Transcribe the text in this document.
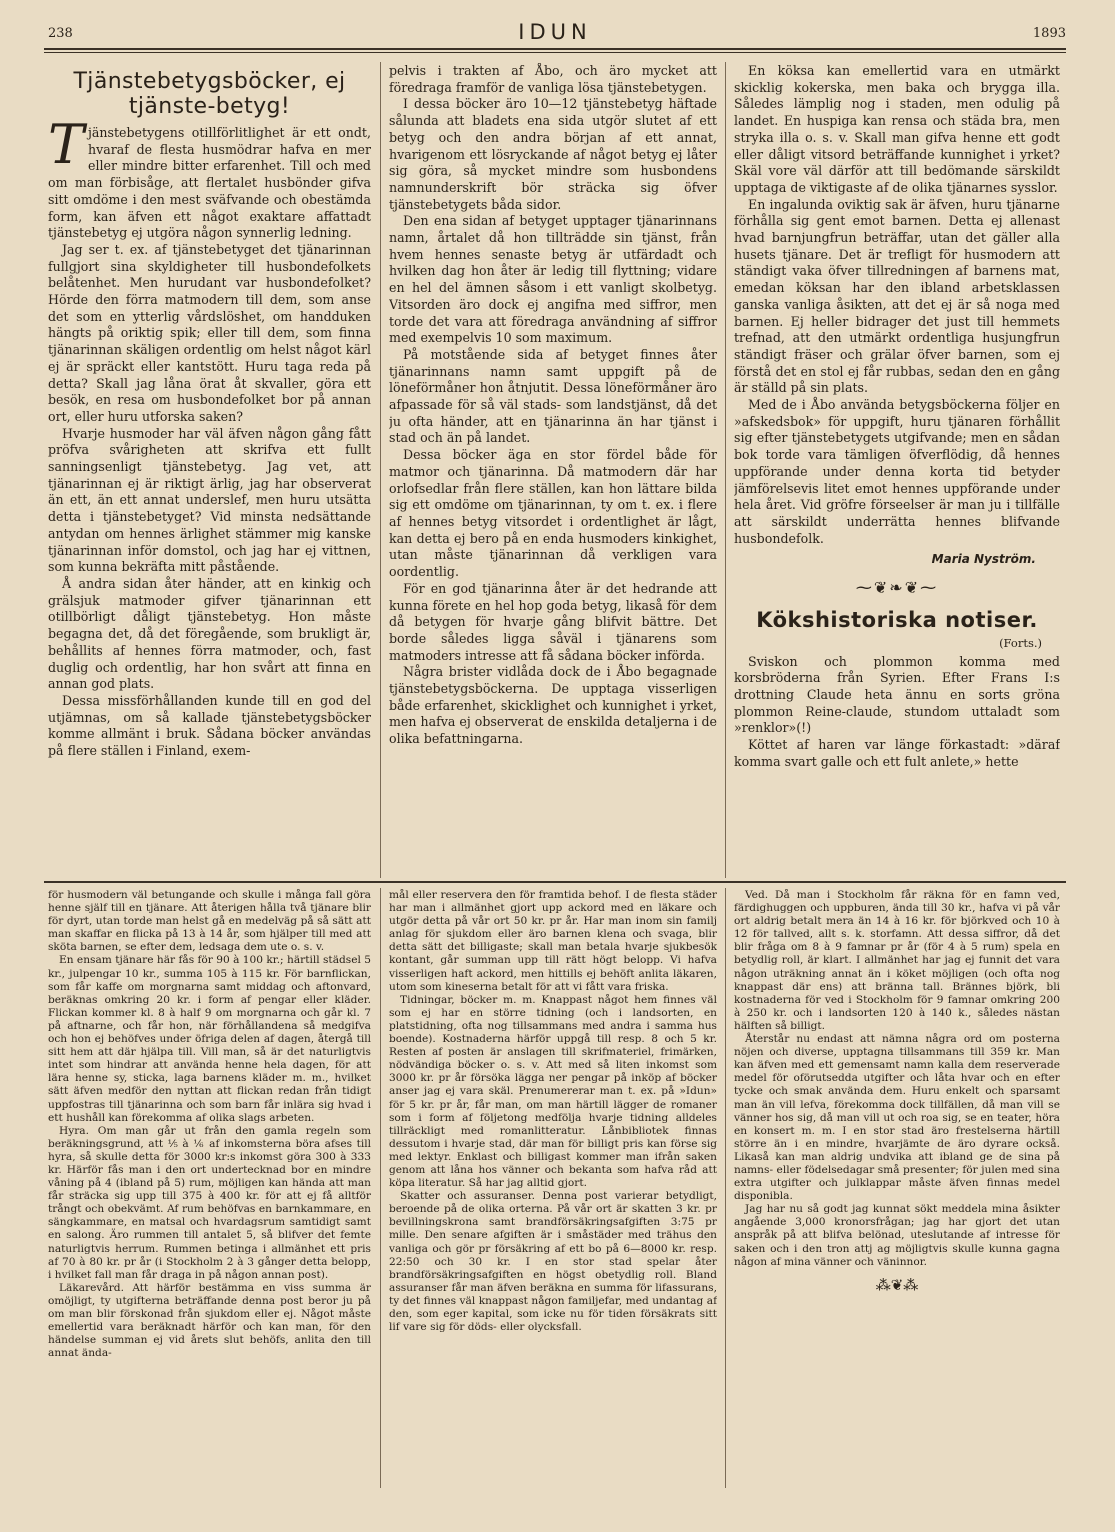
238	IDUN	1893
Tjänstebetygsböcker, ej tjänste-betyg!

T jänstebetygens otillförlitlighet är ett ondt, hvaraf de flesta husmödrar hafva en mer eller mindre bitter erfarenhet. Till och med om man förbisåge, att flertalet husbönder gifva sitt omdöme i den mest sväfvande och obestämda form, kan äfven ett något exaktare affattadt tjänstebetyg ej utgöra någon synnerlig ledning.

Jag ser t. ex. af tjänstebetyget det tjänarinnan fullgjort sina skyldigheter till husbondefolkets belåtenhet. Men hurudant var husbondefolket? Hörde den förra matmodern till dem, som anse det som en ytterlig vårdslöshet, om handduken hängts på oriktig spik; eller till dem, som finna tjänarinnan skäligen ordentlig om helst något kärl ej är spräckt eller kantstött. Huru taga reda på detta? Skall jag låna örat åt skvaller, göra ett besök, en resa om husbondefolket bor på annan ort, eller huru utforska saken?

Hvarje husmoder har väl äfven någon gång fått pröfva svårigheten att skrifva ett fullt sanningsenligt tjänstebetyg. Jag vet, att tjänarinnan ej är riktigt ärlig, jag har observerat än ett, än ett annat underslef, men huru utsätta detta i tjänstebetyget? Vid minsta nedsättande antydan om hennes ärlighet stämmer mig kanske tjänarinnan inför domstol, och jag har ej vittnen, som kunna bekräfta mitt påstående.

Å andra sidan åter händer, att en kinkig och grälsjuk matmoder gifver tjänarinnan ett otillbörligt dåligt tjänstebetyg. Hon måste begagna det, då det föregående, som brukligt är, behållits af hennes förra matmoder, och, fast duglig och ordentlig, har hon svårt att finna en annan god plats.

Dessa missförhållanden kunde till en god del utjämnas, om så kallade tjänstebetygsböcker komme allmänt i bruk. Sådana böcker användas på flere ställen i Finland, exem-

pelvis i trakten af Åbo, och äro mycket att föredraga framför de vanliga lösa tjänstebetygen.

I dessa böcker äro 10—12 tjänstebetyg häftade sålunda att bladets ena sida utgör slutet af ett betyg och den andra början af ett annat, hvarigenom ett lösryckande af något betyg ej låter sig göra, så mycket mindre som husbondens namnunderskrift bör sträcka sig öfver tjänstebetygets båda sidor.

Den ena sidan af betyget upptager tjänarinnans namn, årtalet då hon tillträdde sin tjänst, från hvem hennes senaste betyg är utfärdadt och hvilken dag hon åter är ledig till flyttning; vidare en hel del ämnen såsom i ett vanligt skolbetyg. Vitsorden äro dock ej angifna med siffror, men torde det vara att föredraga användning af siffror med exempelvis 10 som maximum.

På motstående sida af betyget finnes åter tjänarinnans namn samt uppgift på de löneförmåner hon åtnjutit. Dessa löneförmåner äro afpassade för så väl stads- som landstjänst, då det ju ofta händer, att en tjänarinna än har tjänst i stad och än på landet.

Dessa böcker äga en stor fördel både för matmor och tjänarinna. Då matmodern där har orlofsedlar från flere ställen, kan hon lättare bilda sig ett omdöme om tjänarinnan, ty om t. ex. i flere af hennes betyg vitsordet i ordentlighet är lågt, kan detta ej bero på en enda husmoders kinkighet, utan måste tjänarinnan då verkligen vara oordentlig.

För en god tjänarinna åter är det hedrande att kunna förete en hel hop goda betyg, likaså för dem då betygen för hvarje gång blifvit bättre. Det borde således ligga såväl i tjänarens som matmoders intresse att få sådana böcker införda.

Några brister vidlåda dock de i Åbo begagnade tjänstebetygsböckerna. De upptaga visserligen både erfarenhet, skicklighet och kunnighet i yrket, men hafva ej observerat de enskilda detaljerna i de olika befattningarna.

En köksa kan emellertid vara en utmärkt skicklig kokerska, men baka och brygga illa. Således lämplig nog i staden, men odulig på landet. En huspiga kan rensa och städa bra, men stryka illa o. s. v. Skall man gifva henne ett godt eller dåligt vitsord beträffande kunnighet i yrket? Skäl vore väl därför att till bedömande särskildt upptaga de viktigaste af de olika tjänarnes sysslor.

En ingalunda oviktig sak är äfven, huru tjänarne förhålla sig gent emot barnen. Detta ej allenast hvad barnjungfrun beträffar, utan det gäller alla husets tjänare. Det är trefligt för husmodern att ständigt vaka öfver tillredningen af barnens mat, emedan köksan har den ibland arbetsklassen ganska vanliga åsikten, att det ej är så noga med barnen. Ej heller bidrager det just till hemmets trefnad, att den utmärkt ordentliga husjungfrun ständigt fräser och grälar öfver barnen, som ej förstå det en stol ej får rubbas, sedan den en gång är ställd på sin plats.

Med de i Åbo använda betygsböckerna följer en »afskedsbok» för uppgift, huru tjänaren förhållit sig efter tjänstebetygets utgifvande; men en sådan bok torde vara tämligen öfverflödig, då hennes uppförande under denna korta tid betyder jämförelsevis litet emot hennes uppförande under hela året. Vid gröfre förseelser är man ju i tillfälle att särskildt underrätta hennes blifvande husbondefolk.

Maria Nyström.
⁓❦❧❦⁓
Kökshistoriska notiser.
(Forts.)

Sviskon och plommon komma med korsbröderna från Syrien. Efter Frans I:s drottning Claude heta ännu en sorts gröna plommon Reine-claude, stundom uttaladt som »renklor»(!)

Köttet af haren var länge förkastadt: »däraf komma svart galle och ett fult anlete,» hette

för husmodern väl betungande och skulle i många fall göra henne själf till en tjänare. Att återigen hålla två tjänare blir för dyrt, utan torde man helst gå en medelväg på så sätt att man skaffar en flicka på 13 à 14 år, som hjälper till med att sköta barnen, se efter dem, ledsaga dem ute o. s. v.

En ensam tjänare här fås för 90 à 100 kr.; härtill städsel 5 kr., julpengar 10 kr., summa 105 à 115 kr. För barnflickan, som får kaffe om morgnarna samt middag och aftonvard, beräknas omkring 20 kr. i form af pengar eller kläder. Flickan kommer kl. 8 à half 9 om morgnarna och går kl. 7 på aftnarne, och får hon, när förhållandena så medgifva och hon ej behöfves under öfriga delen af dagen, återgå till sitt hem att där hjälpa till. Vill man, så är det naturligtvis intet som hindrar att använda henne hela dagen, för att lära henne sy, sticka, laga barnens kläder m. m., hvilket sätt äfven medför den nyttan att flickan redan från tidigt uppfostras till tjänarinna och som barn får inlära sig hvad i ett hushåll kan förekomma af olika slags arbeten.

Hyra. Om man går ut från den gamla regeln som beräkningsgrund, att ⅕ à ⅙ af inkomsterna böra afses till hyra, så skulle detta för 3000 kr:s inkomst göra 300 à 333 kr. Härför fås man i den ort undertecknad bor en mindre våning på 4 (ibland på 5) rum, möjligen kan hända att man får sträcka sig upp till 375 à 400 kr. för att ej få alltför trångt och obekvämt. Af rum behöfvas en barnkammare, en sängkammare, en matsal och hvardagsrum samtidigt samt en salong. Äro rummen till antalet 5, så blifver det femte naturligtvis herrum. Rummen betinga i allmänhet ett pris af 70 à 80 kr. pr år (i Stockholm 2 à 3 gånger detta belopp, i hvilket fall man får draga in på någon annan post).

Läkarevård. Att härför bestämma en viss summa är omöjligt, ty utgifterna beträffande denna post beror ju på om man blir förskonad från sjukdom eller ej. Något måste emellertid vara beräknadt härför och kan man, för den händelse summan ej vid årets slut behöfs, anlita den till annat ända-

mål eller reservera den för framtida behof. I de flesta städer har man i allmänhet gjort upp ackord med en läkare och utgör detta på vår ort 50 kr. pr år. Har man inom sin familj anlag för sjukdom eller äro barnen klena och svaga, blir detta sätt det billigaste; skall man betala hvarje sjukbesök kontant, går summan upp till rätt högt belopp. Vi hafva visserligen haft ackord, men hittills ej behöft anlita läkaren, utom som kineserna betalt för att vi fått vara friska.

Tidningar, böcker m. m. Knappast något hem finnes väl som ej har en större tidning (och i landsorten, en platstidning, ofta nog tillsammans med andra i samma hus boende). Kostnaderna härför uppgå till resp. 8 och 5 kr. Resten af posten är anslagen till skrifmateriel, frimärken, nödvändiga böcker o. s. v. Att med så liten inkomst som 3000 kr. pr år försöka lägga ner pengar på inköp af böcker anser jag ej vara skäl. Prenumererar man t. ex. på »Idun» för 5 kr. pr år, får man, om man härtill lägger de romaner som i form af följetong medfölja hvarje tidning alldeles tillräckligt med romanlitteratur. Lånbibliotek finnas dessutom i hvarje stad, där man för billigt pris kan förse sig med lektyr. Enklast och billigast kommer man ifrån saken genom att låna hos vänner och bekanta som hafva råd att köpa literatur. Så har jag alltid gjort.

Skatter och assuranser. Denna post varierar betydligt, beroende på de olika orterna. På vår ort är skatten 3 kr. pr bevillningskrona samt brandförsäkringsafgiften 3:75 pr mille. Den senare afgiften är i småstäder med trähus den vanliga och gör pr försäkring af ett bo på 6—8000 kr. resp. 22:50 och 30 kr. I en stor stad spelar åter brandförsäkringsafgiften en högst obetydlig roll. Bland assuranser får man äfven beräkna en summa för lifassurans, ty det finnes väl knappast någon familjefar, med undantag af den, som eger kapital, som icke nu för tiden försäkrats sitt lif vare sig för döds- eller olycksfall.

Ved. Då man i Stockholm får räkna för en famn ved, färdighuggen och uppburen, ända till 30 kr., hafva vi på vår ort aldrig betalt mera än 14 à 16 kr. för björkved och 10 à 12 för tallved, allt s. k. storfamn. Att dessa siffror, då det blir fråga om 8 à 9 famnar pr år (för 4 à 5 rum) spela en betydlig roll, är klart. I allmänhet har jag ej funnit det vara någon uträkning annat än i köket möjligen (och ofta nog knappast där ens) att bränna tall. Brännes björk, bli kostnaderna för ved i Stockholm för 9 famnar omkring 200 à 250 kr. och i landsorten 120 à 140 k., således nästan hälften så billigt.

Återstår nu endast att nämna några ord om posterna nöjen och diverse, upptagna tillsammans till 359 kr. Man kan äfven med ett gemensamt namn kalla dem reserverade medel för oförutsedda utgifter och låta hvar och en efter tycke och smak använda dem. Huru enkelt och sparsamt man än vill lefva, förekomma dock tillfällen, då man vill se vänner hos sig, då man vill ut och roa sig, se en teater, höra en konsert m. m. I en stor stad äro frestelserna härtill större än i en mindre, hvarjämte de äro dyrare också. Likaså kan man aldrig undvika att ibland ge de sina på namns- eller födelsedagar små presenter; för julen med sina extra utgifter och julklappar måste äfven finnas medel disponibla.

Jag har nu så godt jag kunnat sökt meddela mina åsikter angående 3,000 kronorsfrågan; jag har gjort det utan anspråk på att blifva belönad, uteslutande af intresse för saken och i den tron attj ag möjligtvis skulle kunna gagna någon af mina vänner och väninnor.

⁂❦⁂
